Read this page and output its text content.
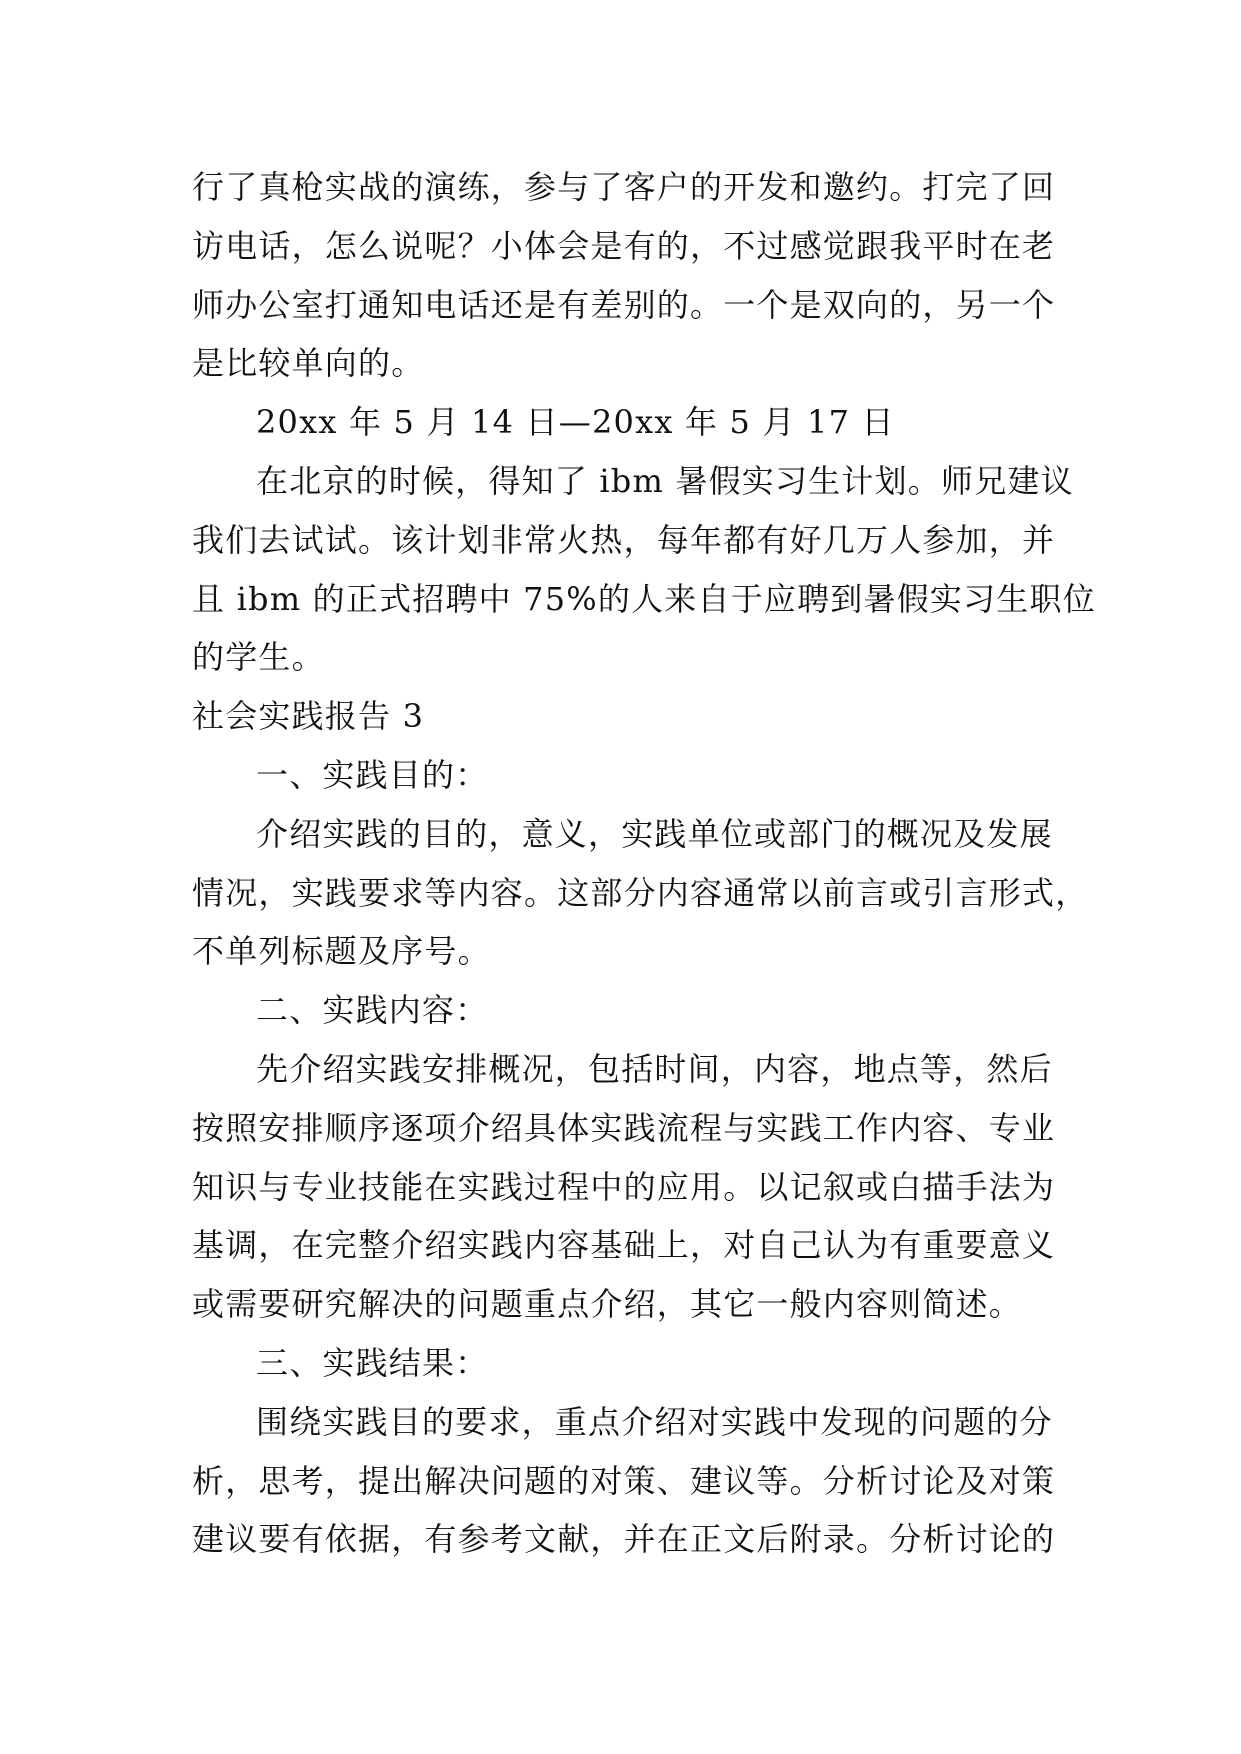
行了真枪实战的演练，参与了客户的开发和邀约。打完了回
访电话，怎么说呢？小体会是有的，不过感觉跟我平时在老
师办公室打通知电话还是有差别的。一个是双向的，另一个
是比较单向的。
20xx 年 5 月 14 日—20xx 年 5 月 17 日
在北京的时候，得知了 ibm 暑假实习生计划。师兄建议
我们去试试。该计划非常火热，每年都有好几万人参加，并
且 ibm 的正式招聘中 75%的人来自于应聘到暑假实习生职位
的学生。
社会实践报告 3
一、实践目的：
介绍实践的目的，意义，实践单位或部门的概况及发展
情况，实践要求等内容。这部分内容通常以前言或引言形式，
不单列标题及序号。
二、实践内容：
先介绍实践安排概况，包括时间，内容，地点等，然后
按照安排顺序逐项介绍具体实践流程与实践工作内容、专业
知识与专业技能在实践过程中的应用。以记叙或白描手法为
基调，在完整介绍实践内容基础上，对自己认为有重要意义
或需要研究解决的问题重点介绍，其它一般内容则简述。
三、实践结果：
围绕实践目的要求，重点介绍对实践中发现的问题的分
析，思考，提出解决问题的对策、建议等。分析讨论及对策
建议要有依据，有参考文献，并在正文后附录。分析讨论的
